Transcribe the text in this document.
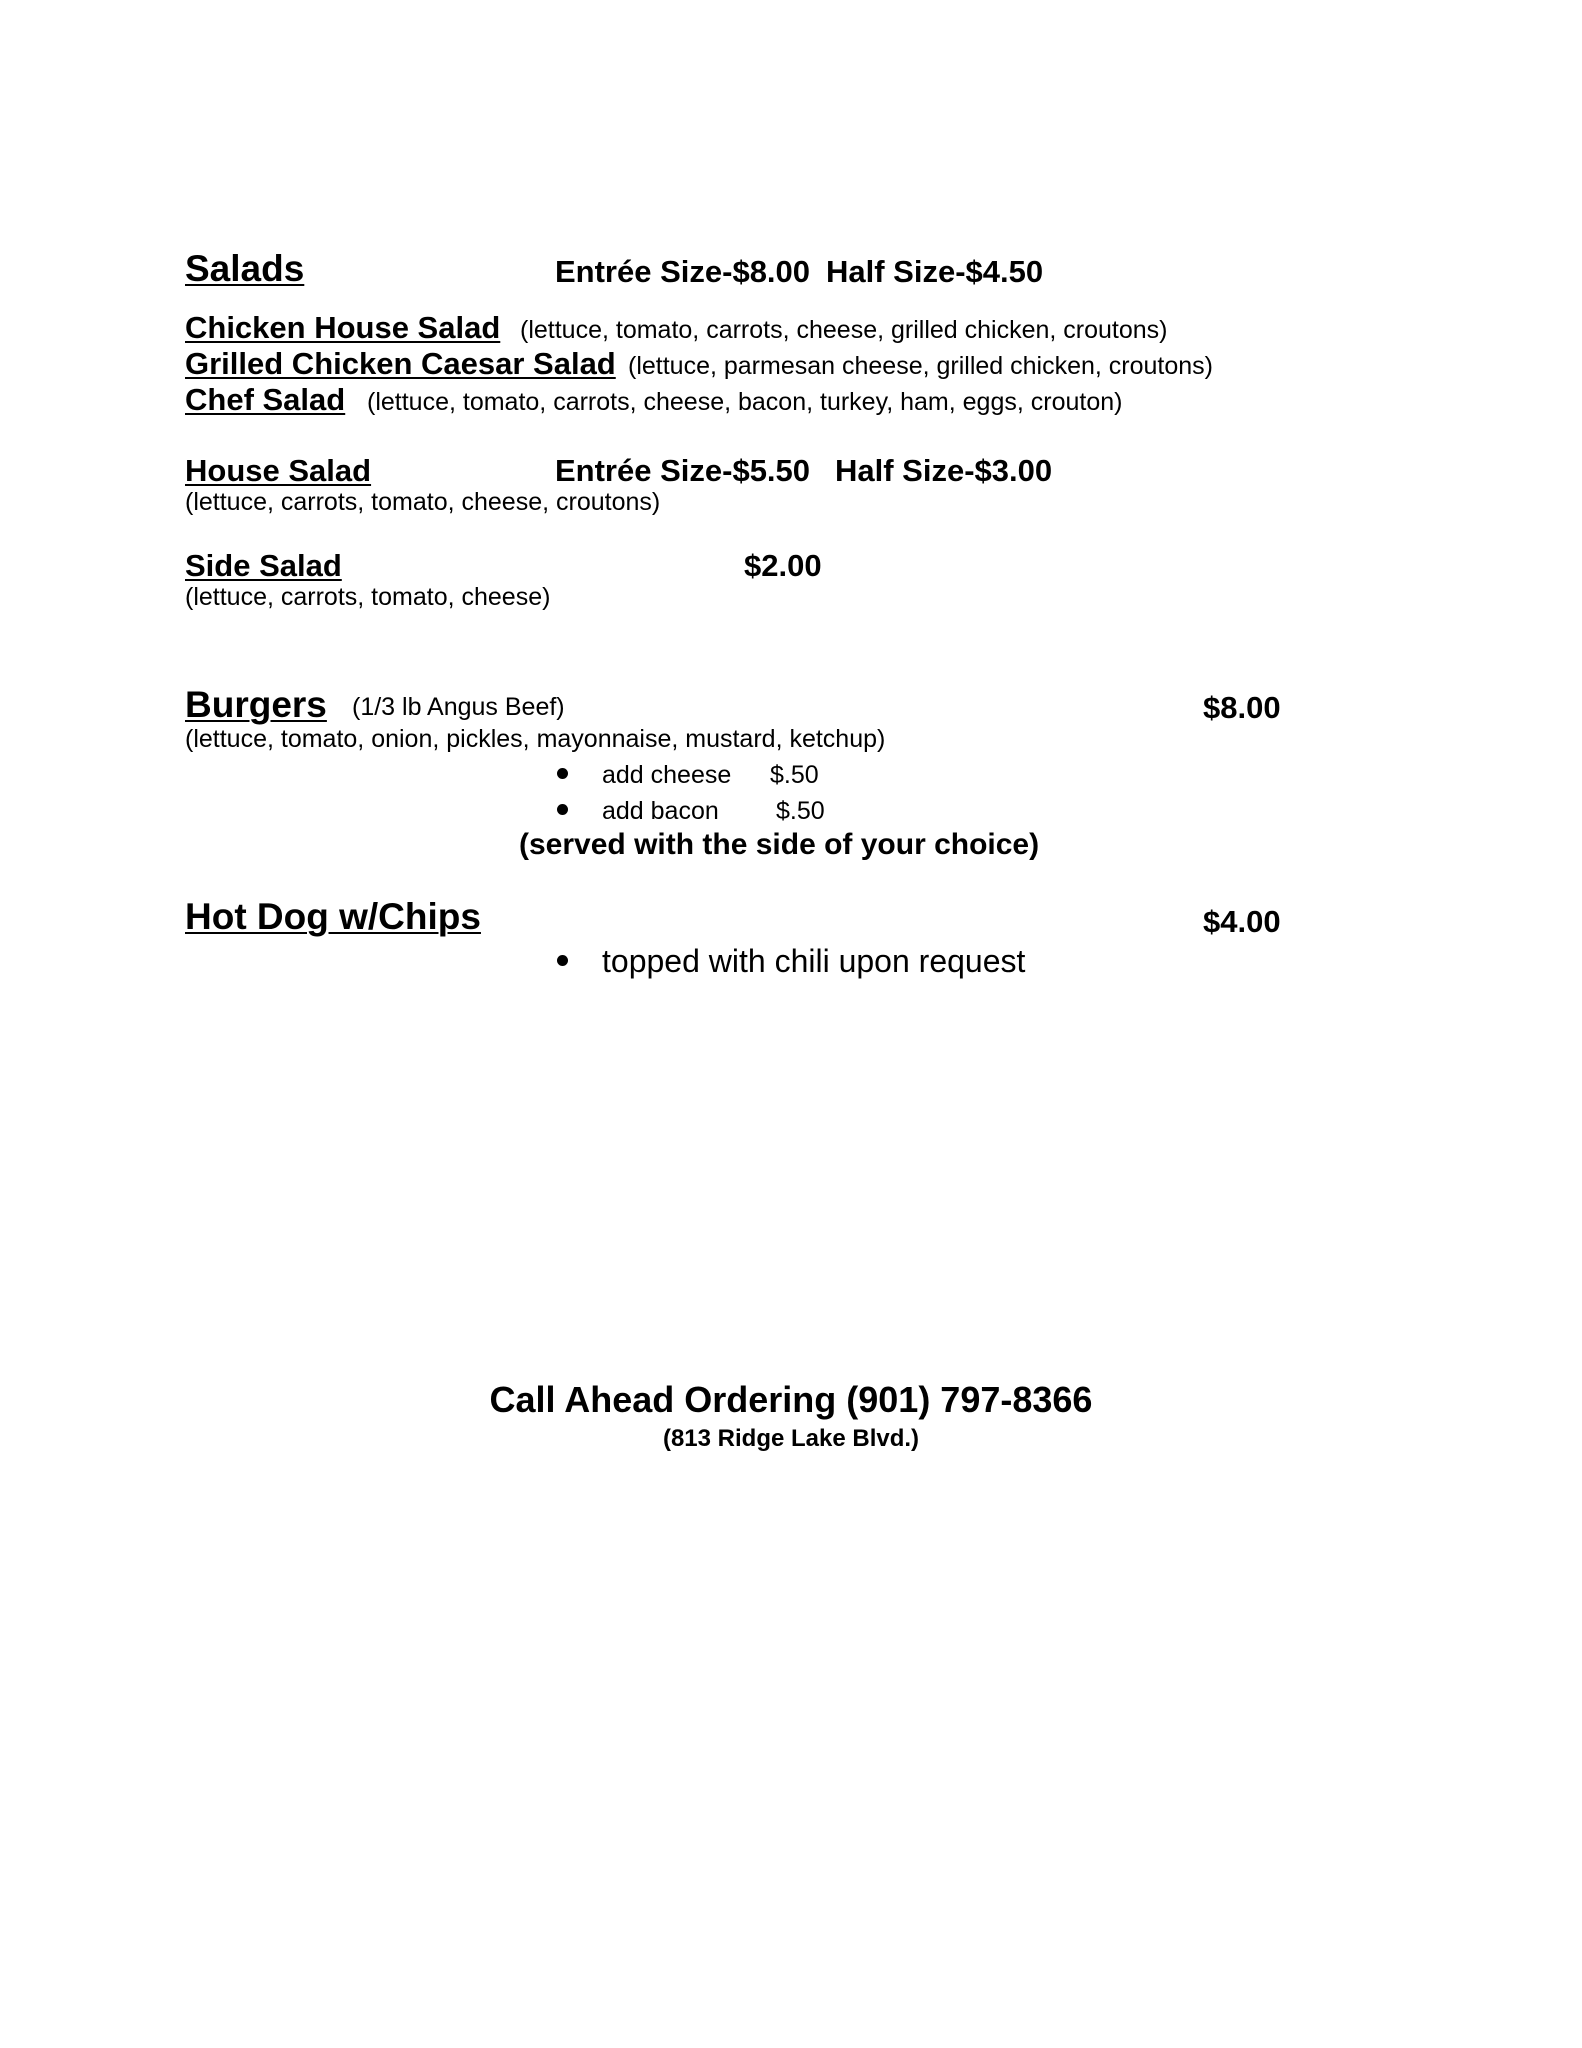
Salads	Entrée Size-$8.00 Half Size-$4.50
Chicken House Salad (lettuce, tomato, carrots, cheese, grilled chicken, croutons)
Grilled Chicken Caesar Salad (lettuce, parmesan cheese, grilled chicken, croutons)
Chef Salad (lettuce, tomato, carrots, cheese, bacon, turkey, ham, eggs, crouton)
House Salad	Entrée Size-$5.50 Half Size-$3.00
(lettuce, carrots, tomato, cheese, croutons)
Side Salad	$2.00
(lettuce, carrots, tomato, cheese)
Burgers (1/3 lb Angus Beef)	$8.00
(lettuce, tomato, onion, pickles, mayonnaise, mustard, ketchup)
add cheese $.50
add bacon $.50
(served with the side of your choice)
Hot Dog w/Chips	$4.00
topped with chili upon request
Call Ahead Ordering (901) 797-8366
(813 Ridge Lake Blvd.)
